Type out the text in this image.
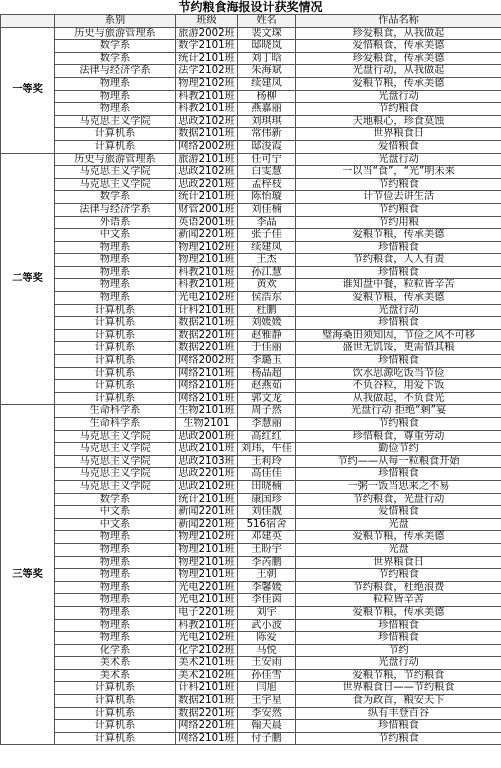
节约粮食海报设计获奖情况
	系别	班级	姓名	作品名称
一等奖	历史与旅游管理系	旅游2002班	裴文琛	珍爱粮食，从我做起
	数学系	数学2101班	邸晓岚	爱惜粮食，传承美德
	数学系	统计2101班	刘丁晗	珍爱粮食，传承美德
	法律与经济学系	法学2102班	朱海斌	光盘行动，从我做起
	物理系	物理2102班	续建凤	爱粮节粮，传承美德
	物理系	科教2101班	杨柳	光盘行动
	物理系	科教2101班	燕嘉丽	节约粮食
	马克思主义学院	思政2102班	刘琪琪	天地粮心，珍食莫蚀
	计算机系	数据2101班	常伟新	世界粮食日
	计算机系	网络2002班	邸浚霞	爱惜粮食
二等奖	历史与旅游管理系	旅游2101班	任可宁	光盘行动
	马克思主义学院	思政2102班	白雯慧	一以当“食”，“光”明未来
	马克思主义学院	思政2201班	孟梓枝	节约粮食
	数学系	统计2101班	陈怡璇	计节俭去讲生活
	法律与经济学系	财管2001班	刘佳楠	节约粮食
	外语系	英语2001班	李晶	节约用粮
	中文系	新闻2201班	张子佳	爱粮节粮，传承美德
	物理系	物理2102班	续建凤	珍惜粮食
	物理系	物理2101班	王杰	节约粮食，人人有责
	物理系	科教2101班	孙江慧	珍惜粮食
	物理系	科教2101班	黄欢	谁知盘中餐，粒粒皆辛苦
	物理系	光电2102班	侯浩东	爱粮节粮，传承美德
	计算机系	计科2101班	杜鹏	光盘行动
	计算机系	数据2101班	刘媛媛	珍惜粮食
	计算机系	数据2201班	赵雅静	璧海桑田须知因，节俭之风不可移
	计算机系	数据2201班	于佳丽	盛世无饥馁，更需惜其粮
	计算机系	网络2002班	李璐玉	珍惜粮食
	计算机系	网络2101班	杨晶超	饮水思源吃饭当节俭
	计算机系	网络2101班	赵燕茹	不负谷粒，用爱下饭
	计算机系	网络2101班	郭文龙	从我做起，不负食光
三等奖	生命科学系	生物2101班	周子然	光盘行动 拒绝“剩”宴
	生命科学系	生物2101	李慧丽	节约粮食
	马克思主义学院	思政2001班	高红红	珍惜粮食，尊重劳动
	马克思主义学院	思政2101班	刘玮，牛佳	勤俭节约
	马克思主义学院	思政2103班	王莉玲	节约——从每一粒粮食开始
	马克思主义学院	思政2201班	高佳佳	珍惜粮食
	马克思主义学院	思政2102班	田晓楠	一粥一饭当思来之不易
	数学系	统计2101班	康国珍	节约粮食，光盘行动
	中文系	新闻2201班	刘佳靓	爱惜粮食
	中文系	新闻2201班	516宿舍	光盘
	物理系	物理2102班	邓建英	爱粮节粮，传承美德
	物理系	物理2101班	王盼宇	光盘
	物理系	物理2101班	李芮鹏	世界粮食日
	物理系	物理2101班	王朝	节约粮食
	物理系	光电2201班	李馨媛	节约粮食，杜绝浪费
	物理系	光电2101班	李佳茵	粒粒皆辛苦
	物理系	电子2201班	刘宇	爱粮节粮，传承美德
	物理系	科教2101班	武小波	珍惜粮食
	物理系	光电2102班	陈爱	珍惜粮食
	化学系	化学2102班	马悦	节约
	美术系	美术2101班	王安雨	光盘行动
	美术系	美术2102班	孙佳雪	爱粮节粮，节约粮食
	计算机系	计科2101班	闫旭	世界粮食日——节约粮食
	计算机系	数据2101班	王宇星	食为政首，粮安天下
	计算机系	数据2201班	李安然	纵有丰登百谷
	计算机系	网络2201班	翰天晨	珍惜粮食
	计算机系	网络2101班	付子鹏	节约粮食
